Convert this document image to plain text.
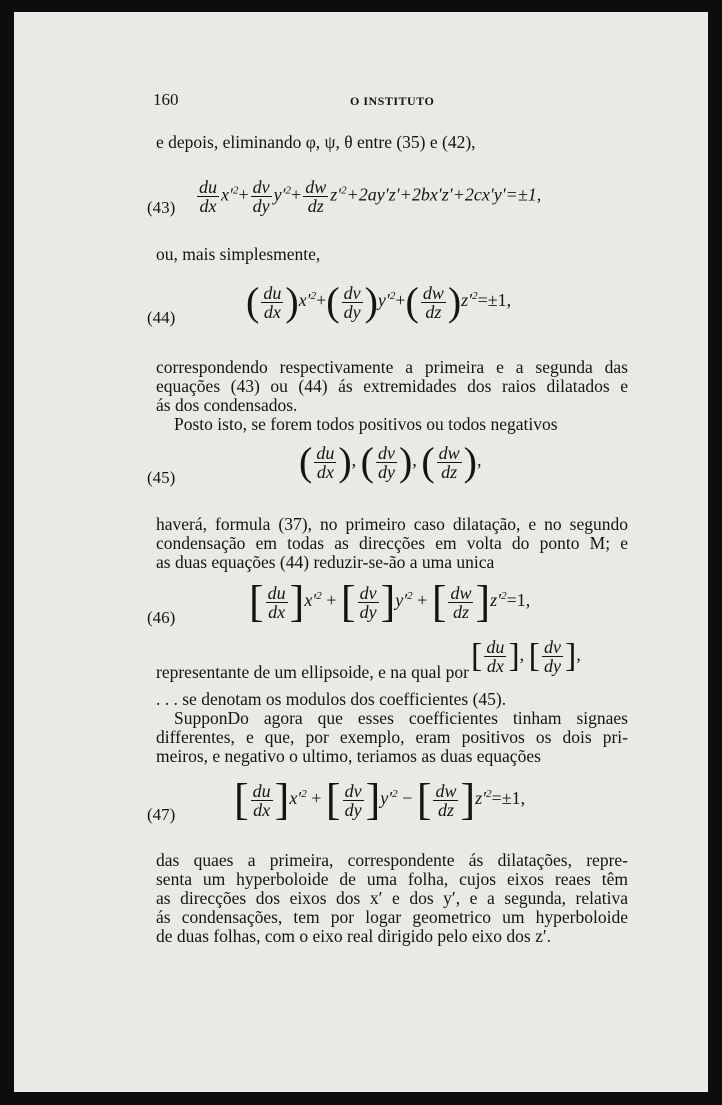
160	O INSTITUTO
e depois, eliminando φ, ψ, θ entre (35) e (42),
$(43) \frac{du}{dx} x'^2+ \frac{dv}{dy} y'^2+ \frac{dw}{dz} z'^2+2ay'z'+2bx'z'+2cx'y'=\pm 1$,
ou, mais simplesmente,
(44) ( $\frac{du}{dx} )x'^2+( \frac{dv}{dy} )y'^2+( \frac{dw}{dz} )z'^2=\pm 1$,
correspondendo respectivamente a primeira e a segunda das
equações (43) ou (44) ás extremidades dos raios dilatados e
ás dos condensados.
Posto isto, se forem todos positivos ou todos negativos
(45)	( $\frac{du}{dx}$ ), ( $\frac{dv}{dy}$ ), ( $\frac{dw}{dz}$ ),
haverá, formula (37), no primeiro caso dilatação, e no segundo
condensação em todas as direcções em volta do ponto M; e
as duas equações (44) reduzir-se-ão a uma unica
(46) [ $\frac{du}{dx} ]x'^2$ + [ $\frac{dv}{dy} ]y'^2$ + [ $\frac{dw}{dz} ]z'^2=1$,
representante de um ellipsoide, e na qual por [ $\frac{du}{dx}$ ], [ $\frac{dv}{dy}$ ],
. . . se denotam os modulos dos coefficientes (45).
SupponDo agora que esses coefficientes tinham signaes
differentes, e que, por exemplo, eram positivos os dois pri-
meiros, e negativo o ultimo, teriamos as duas equações
(47) [ $\frac{du}{dx} ]x'^2$ + [ $\frac{dv}{dy} ]y'^2$ − [ $\frac{dw}{dz} ]z'^2=\pm 1$,
das quaes a primeira, correspondente ás dilatações, repre-
senta um hyperboloide de uma folha, cujos eixos reaes têm
as direcções dos eixos dos x′ e dos y′, e a segunda, relativa
ás condensações, tem por logar geometrico um hyperboloide
de duas folhas, com o eixo real dirigido pelo eixo dos z′.
